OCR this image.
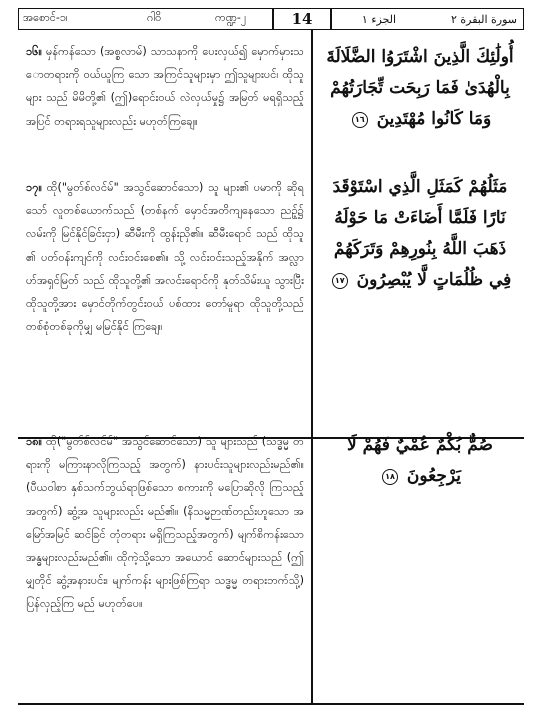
အစောင်-၁၊	ဂါဝိ	ကဏ္ဍ-၂	14	الجزء ١	سورة البقرة ٢
၁၆။ မှန်ကန်သော (အစ္စလာမ်) သာသနာကို ပေးလှယ်၍ မှောက်မှားသောတရားကို ဝယ်ယူကြ သော အကြင်သူများမှာ ဤသူများပင်၊ ထိုသူများ သည် မိမိတို့၏ (ဤ)ရောင်းဝယ် လဲလှယ်မှု၌ အမြတ် မရရှိသည့်အပြင် တရားရသူများလည်း မဟုတ်ကြချေ။
أُولَٰئِكَ الَّذِينَ اشْتَرَوُا الضَّلَالَةَ بِالْهُدَىٰ فَمَا رَبِحَت تِّجَارَتُهُمْ وَمَا كَانُوا مُهْتَدِينَ ١٦
၁၇။ ထို("မွတ်စ်လင်မ်" အသွင်ဆောင်သော) သူ များ၏ ပမာကို ဆိုရသော် လူတစ်ယောက်သည် (တစ်နက် မှောင်အတိကျနေသော ညဉ့်၌ လမ်းကို မြင်နိုင်ခြင်းငှာ) ဆီမီးကို ထွန်းညှိ၏။ ဆီမီးရောင် သည် ထိုသူ၏ ပတ်ဝန်းကျင်ကို လင်းဝင်းစေ၏။ သို့ လင်းဝင်းသည့်အနိုက် အလ္လာဟ်အရှင်မြတ် သည် ထိုသူတို့၏ အလင်းရောင်ကို နုတ်သိမ်းယူ သွားပြီး ထိုသူတို့အား မှောင်တိုက်တွင်းဝယ် ပစ်ထား တော်မူရာ ထိုသူတို့သည် တစ်စုံတစ်ခုကိုမျှ မမြင်နိုင် ကြချေ။
مَثَلُهُمْ كَمَثَلِ الَّذِي اسْتَوْقَدَ نَارًا فَلَمَّا أَضَاءَتْ مَا حَوْلَهُ ذَهَبَ اللَّهُ بِنُورِهِمْ وَتَرَكَهُمْ فِي ظُلُمَاتٍ لَّا يُبْصِرُونَ ١٧
၁၈။ ထို("မွတ်စ်လင်မ်" အသွင်ဆောင်သော) သူ များသည် (သဒ္ဓမ္မ တရားကို မကြားနာလိုကြသည့် အတွက်) နားပင်းသူများလည်းမည်၏။ (ပီယဝါစာ နှစ်သက်ဘွယ်ရာဖြစ်သော စကားကို မပြောဆိုလို ကြသည့်အတွက်) ဆွံ့အ သူများလည်း မည်၏။ (နိသမ္မဉာဏ်တည်းဟူသော အမြော်အမြင် ဆင်ခြင် တုံတရား မရှိကြသည့်အတွက်) မျက်စိကန်းသော အန္ဓများလည်းမည်၏။ ထိုကဲ့သို့သော အယောင် ဆောင်များသည် (ဤမျှတိုင် ဆွံ့အနားပင်း၊ မျက်ကန်း များဖြစ်ကြရာ သဒ္ဓမ္မ တရားဘက်သို့) ပြန်လှည့်ကြ မည် မဟုတ်ပေ။
صُمٌّ بُكْمٌ عُمْيٌ فَهُمْ لَا يَرْجِعُونَ ١٨
